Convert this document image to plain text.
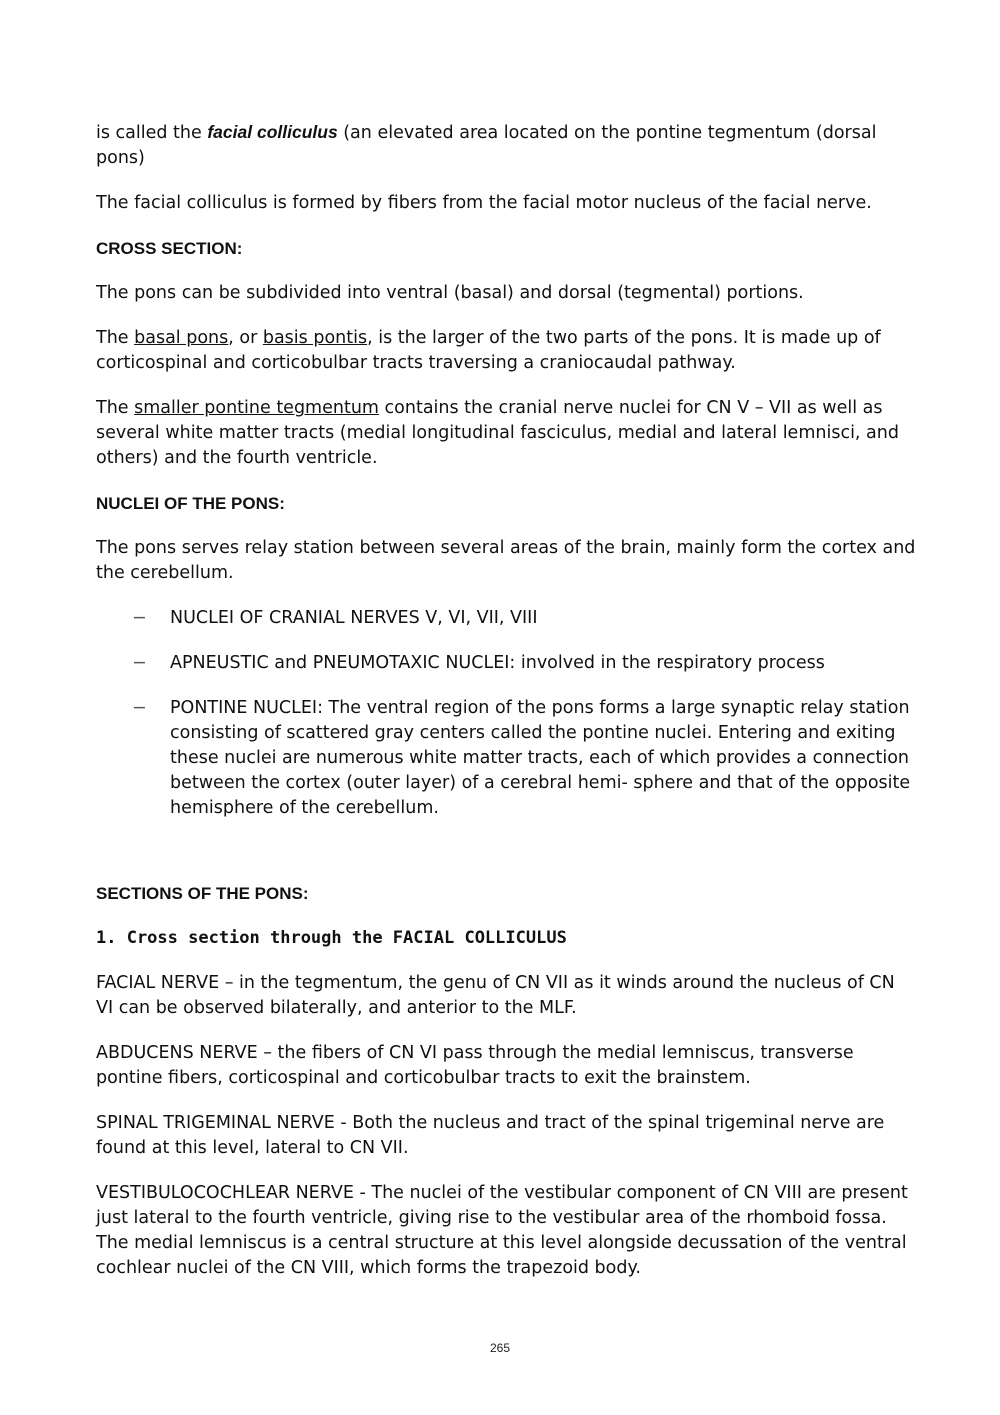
is called the facial colliculus (an elevated area located on the pontine tegmentum (dorsal pons)

The facial colliculus is formed by fibers from the facial motor nucleus of the facial nerve.

CROSS SECTION:

The pons can be subdivided into ventral (basal) and dorsal (tegmental) portions.

The basal pons, or basis pontis, is the larger of the two parts of the pons. It is made up of corticospinal and corticobulbar tracts traversing a craniocaudal pathway.

The smaller pontine tegmentum contains the cranial nerve nuclei for CN V – VII as well as several white matter tracts (medial longitudinal fasciculus, medial and lateral lemnisci, and others) and the fourth ventricle.

NUCLEI OF THE PONS:

The pons serves relay station between several areas of the brain, mainly form the cortex and the cerebellum.

− NUCLEI OF CRANIAL NERVES V, VI, VII, VIII
− APNEUSTIC and PNEUMOTAXIC NUCLEI: involved in the respiratory process
− PONTINE NUCLEI: The ventral region of the pons forms a large synaptic relay station consisting of scattered gray centers called the pontine nuclei. Entering and exiting these nuclei are numerous white matter tracts, each of which provides a connection between the cortex (outer layer) of a cerebral hemi- sphere and that of the opposite hemisphere of the cerebellum.

SECTIONS OF THE PONS:

1. Cross section through the FACIAL COLLICULUS

FACIAL NERVE – in the tegmentum, the genu of CN VII as it winds around the nucleus of CN VI can be observed bilaterally, and anterior to the MLF.

ABDUCENS NERVE – the fibers of CN VI pass through the medial lemniscus, transverse pontine fibers, corticospinal and corticobulbar tracts to exit the brainstem.

SPINAL TRIGEMINAL NERVE - Both the nucleus and tract of the spinal trigeminal nerve are found at this level, lateral to CN VII.

VESTIBULOCOCHLEAR NERVE - The nuclei of the vestibular component of CN VIII are present just lateral to the fourth ventricle, giving rise to the vestibular area of the rhomboid fossa. The medial lemniscus is a central structure at this level alongside decussation of the ventral cochlear nuclei of the CN VIII, which forms the trapezoid body.

265
